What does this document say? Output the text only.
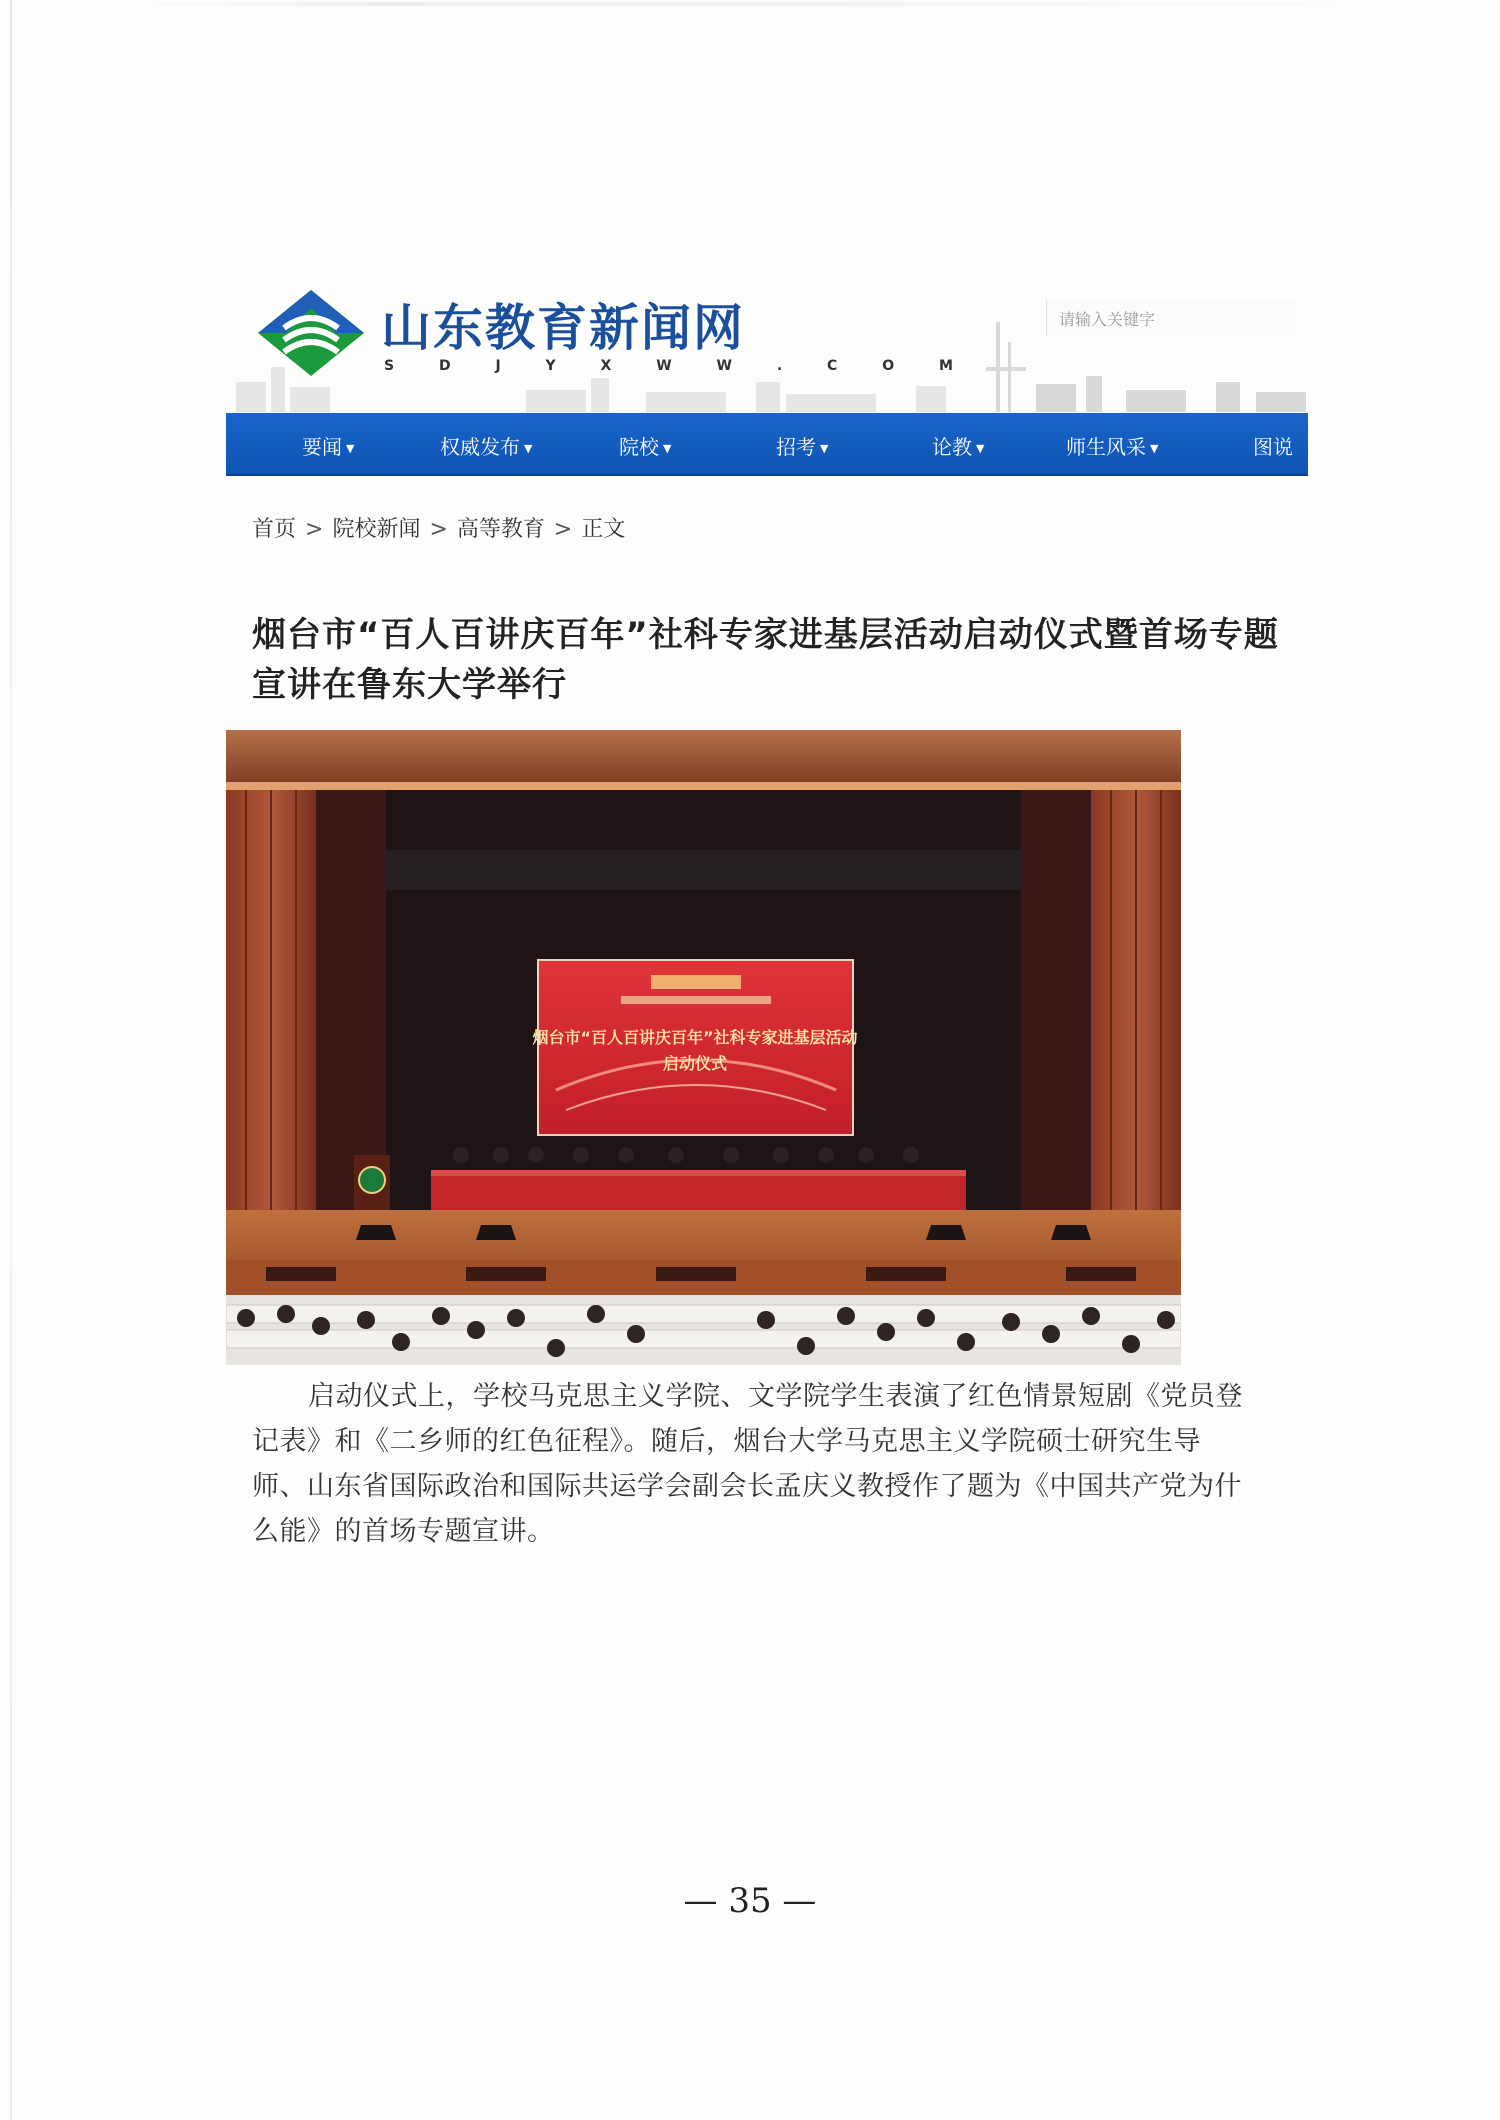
山东教育新闻网
S D J Y X W W . C O M
请输入关键字
要闻 ▼	权威发布 ▼	院校 ▼	招考 ▼	论教 ▼	师生风采 ▼	图说
首页 > 院校新闻 > 高等教育 > 正文
烟台市“百人百讲庆百年”社科专家进基层活动启动仪式暨首场专题宣讲在鲁东大学举行
烟台市“百人百讲庆百年”社科专家进基层活动
启动仪式
启动仪式上，学校马克思主义学院、文学院学生表演了红色情景短剧《党员登记表》和《二乡师的红色征程》。随后，烟台大学马克思主义学院硕士研究生导师、山东省国际政治和国际共运学会副会长孟庆义教授作了题为《中国共产党为什么能》的首场专题宣讲。
— 35 —
